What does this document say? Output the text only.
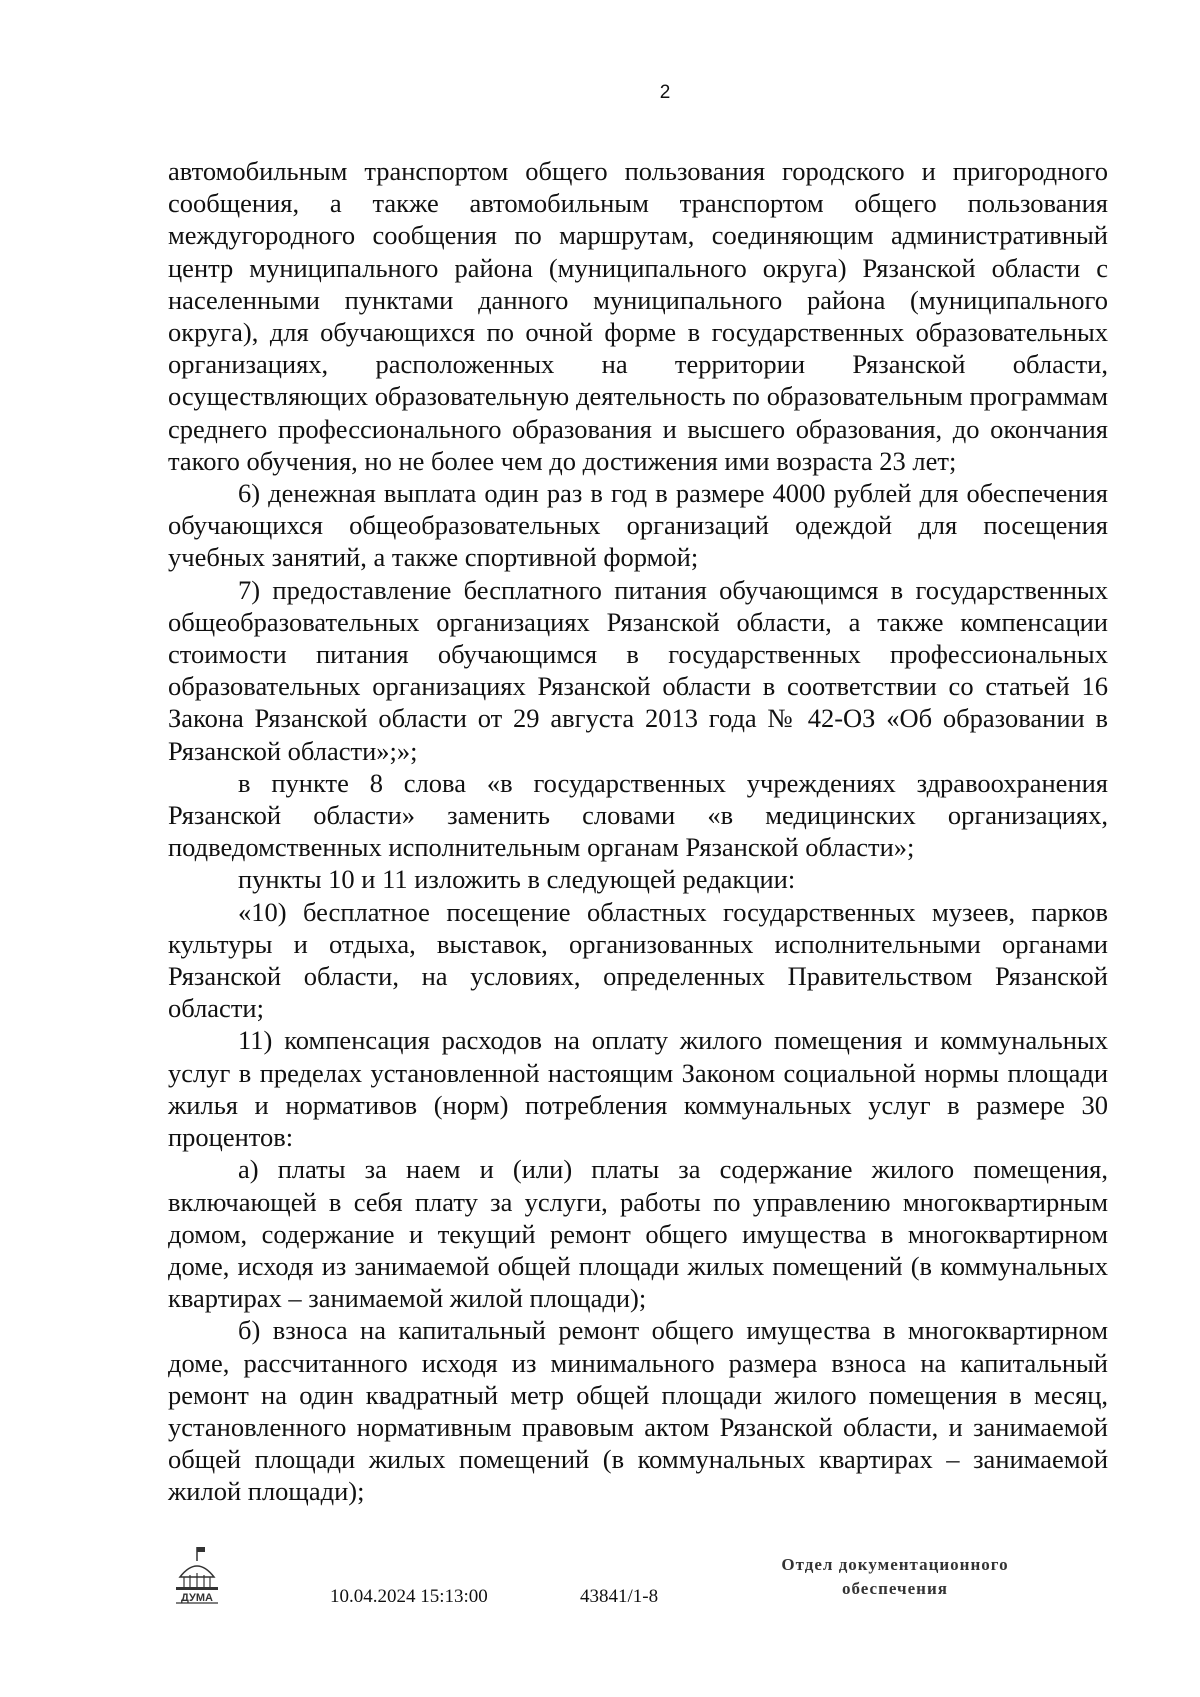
2

автомобильным транспортом общего пользования городского и пригородного сообщения, а также автомобильным транспортом общего пользования междугородного сообщения по маршрутам, соединяющим административный центр муниципального района (муниципального округа) Рязанской области с населенными пунктами данного муниципального района (муниципального округа), для обучающихся по очной форме в государственных образовательных организациях, расположенных на территории Рязанской области, осуществляющих образовательную деятельность по образовательным программам среднего профессионального образования и высшего образования, до окончания такого обучения, но не более чем до достижения ими возраста 23 лет;

6) денежная выплата один раз в год в размере 4000 рублей для обеспечения обучающихся общеобразовательных организаций одеждой для посещения учебных занятий, а также спортивной формой;

7) предоставление бесплатного питания обучающимся в государственных общеобразовательных организациях Рязанской области, а также компенсации стоимости питания обучающимся в государственных профессиональных образовательных организациях Рязанской области в соответствии со статьей 16 Закона Рязанской области от 29 августа 2013 года № 42-ОЗ «Об образовании в Рязанской области»;»;

в пункте 8 слова «в государственных учреждениях здравоохранения Рязанской области» заменить словами «в медицинских организациях, подведомственных исполнительным органам Рязанской области»;

пункты 10 и 11 изложить в следующей редакции:

«10) бесплатное посещение областных государственных музеев, парков культуры и отдыха, выставок, организованных исполнительными органами Рязанской области, на условиях, определенных Правительством Рязанской области;

11) компенсация расходов на оплату жилого помещения и коммунальных услуг в пределах установленной настоящим Законом социальной нормы площади жилья и нормативов (норм) потребления коммунальных услуг в размере 30 процентов:

а) платы за наем и (или) платы за содержание жилого помещения, включающей в себя плату за услуги, работы по управлению многоквартирным домом, содержание и текущий ремонт общего имущества в многоквартирном доме, исходя из занимаемой общей площади жилых помещений (в коммунальных квартирах – занимаемой жилой площади);

б) взноса на капитальный ремонт общего имущества в многоквартирном доме, рассчитанного исходя из минимального размера взноса на капитальный ремонт на один квадратный метр общей площади жилого помещения в месяц, установленного нормативным правовым актом Рязанской области, и занимаемой общей площади жилых помещений (в коммунальных квартирах – занимаемой жилой площади);

ДУМА	10.04.2024 15:13:00	43841/1-8
Отдел документационного
обеспечения
